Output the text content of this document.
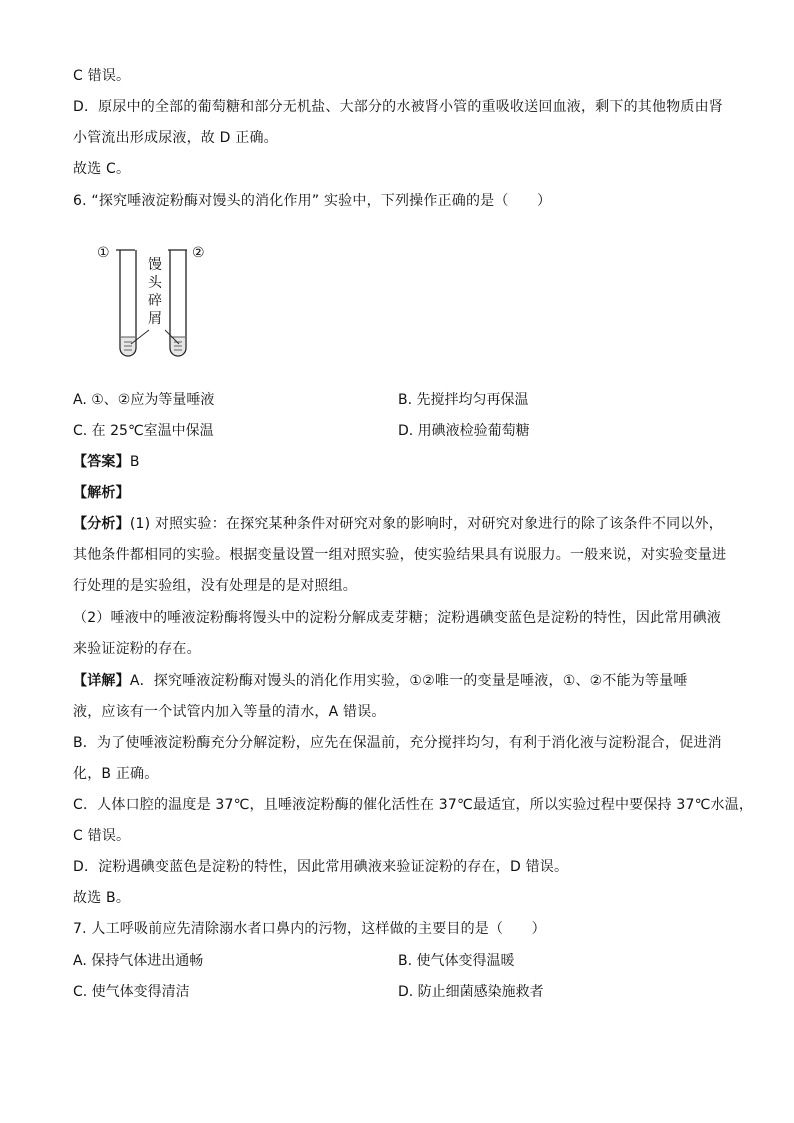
C 错误。
D．原尿中的全部的葡萄糖和部分无机盐、大部分的水被肾小管的重吸收送回血液，剩下的其他物质由肾
小管流出形成尿液，故 D 正确。
故选 C。
6. “探究唾液淀粉酶对馒头的消化作用” 实验中，下列操作正确的是（　　）
①	②
馒
头
碎
屑
A. ①、②应为等量唾液	B. 先搅拌均匀再保温
C. 在 25℃室温中保温	D. 用碘液检验葡萄糖
【答案】B
【解析】
【分析】(1) 对照实验：在探究某种条件对研究对象的影响时，对研究对象进行的除了该条件不同以外，
其他条件都相同的实验。根据变量设置一组对照实验，使实验结果具有说服力。一般来说，对实验变量进
行处理的是实验组，没有处理是的是对照组。
（2）唾液中的唾液淀粉酶将馒头中的淀粉分解成麦芽糖；淀粉遇碘变蓝色是淀粉的特性，因此常用碘液
来验证淀粉的存在。
【详解】A．探究唾液淀粉酶对馒头的消化作用实验，①②唯一的变量是唾液，①、②不能为等量唾
液，应该有一个试管内加入等量的清水，A 错误。
B．为了使唾液淀粉酶充分分解淀粉，应先在保温前，充分搅拌均匀，有利于消化液与淀粉混合，促进消
化，B 正确。
C．人体口腔的温度是 37℃，且唾液淀粉酶的催化活性在 37℃最适宜，所以实验过程中要保持 37℃水温，
C 错误。
D．淀粉遇碘变蓝色是淀粉的特性，因此常用碘液来验证淀粉的存在，D 错误。
故选 B。
7. 人工呼吸前应先清除溺水者口鼻内的污物，这样做的主要目的是（　　）
A. 保持气体进出通畅	B. 使气体变得温暖
C. 使气体变得清洁	D. 防止细菌感染施救者
